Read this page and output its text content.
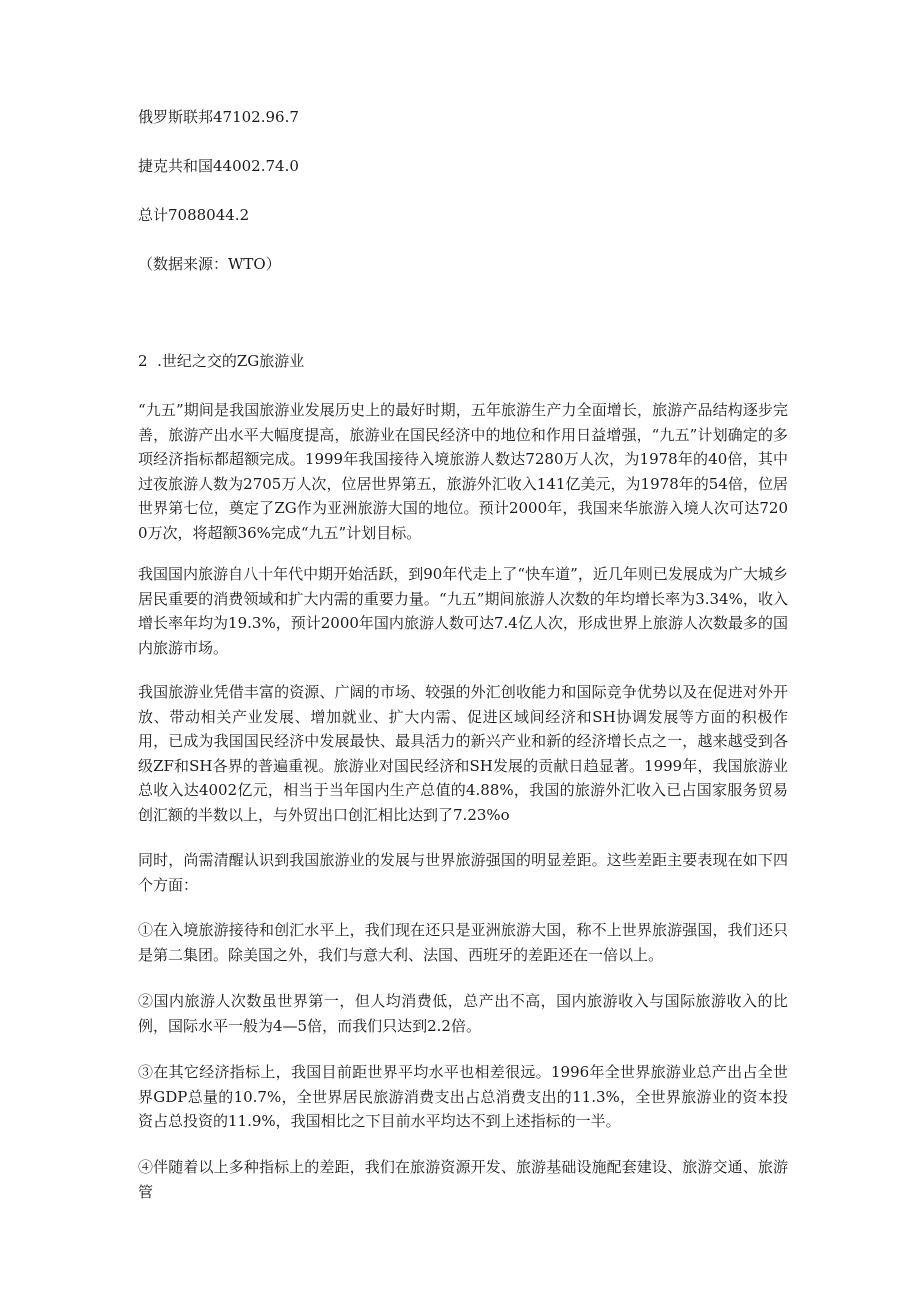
俄罗斯联邦47102.96.7

捷克共和国44002.74.0

总计7088044.2

（数据来源：WTO）

2  .世纪之交的ZG旅游业

“九五”期间是我国旅游业发展历史上的最好时期，五年旅游生产力全面增长，旅游产品结构逐步完善，旅游产出水平大幅度提高，旅游业在国民经济中的地位和作用日益增强，“九五”计划确定的多项经济指标都超额完成。1999年我国接待入境旅游人数达7280万人次，为1978年的40倍，其中过夜旅游人数为2705万人次，位居世界第五，旅游外汇收入141亿美元，为1978年的54倍，位居世界第七位，奠定了ZG作为亚洲旅游大国的地位。预计2000年，我国来华旅游入境人次可达7200万次，将超额36%完成“九五”计划目标。

我国国内旅游自八十年代中期开始活跃，到90年代走上了“快车道”，近几年则已发展成为广大城乡居民重要的消费领域和扩大内需的重要力量。“九五”期间旅游人次数的年均增长率为3.34%，收入增长率年均为19.3%，预计2000年国内旅游人数可达7.4亿人次，形成世界上旅游人次数最多的国内旅游市场。

我国旅游业凭借丰富的资源、广阔的市场、较强的外汇创收能力和国际竞争优势以及在促进对外开放、带动相关产业发展、增加就业、扩大内需、促进区域间经济和SH协调发展等方面的积极作用，已成为我国国民经济中发展最快、最具活力的新兴产业和新的经济增长点之一，越来越受到各级ZF和SH各界的普遍重视。旅游业对国民经济和SH发展的贡献日趋显著。1999年，我国旅游业总收入达4002亿元，相当于当年国内生产总值的4.88%，我国的旅游外汇收入已占国家服务贸易创汇额的半数以上，与外贸出口创汇相比达到了7.23%o

同时，尚需清醒认识到我国旅游业的发展与世界旅游强国的明显差距。这些差距主要表现在如下四个方面：

①在入境旅游接待和创汇水平上，我们现在还只是亚洲旅游大国，称不上世界旅游强国，我们还只是第二集团。除美国之外，我们与意大利、法国、西班牙的差距还在一倍以上。

②国内旅游人次数虽世界第一，但人均消费低，总产出不高，国内旅游收入与国际旅游收入的比例，国际水平一般为4—5倍，而我们只达到2.2倍。

③在其它经济指标上，我国目前距世界平均水平也相差很远。1996年全世界旅游业总产出占全世界GDP总量的10.7%，全世界居民旅游消费支出占总消费支出的11.3%，全世界旅游业的资本投资占总投资的11.9%，我国相比之下目前水平均达不到上述指标的一半。

④伴随着以上多种指标上的差距，我们在旅游资源开发、旅游基础设施配套建设、旅游交通、旅游管
